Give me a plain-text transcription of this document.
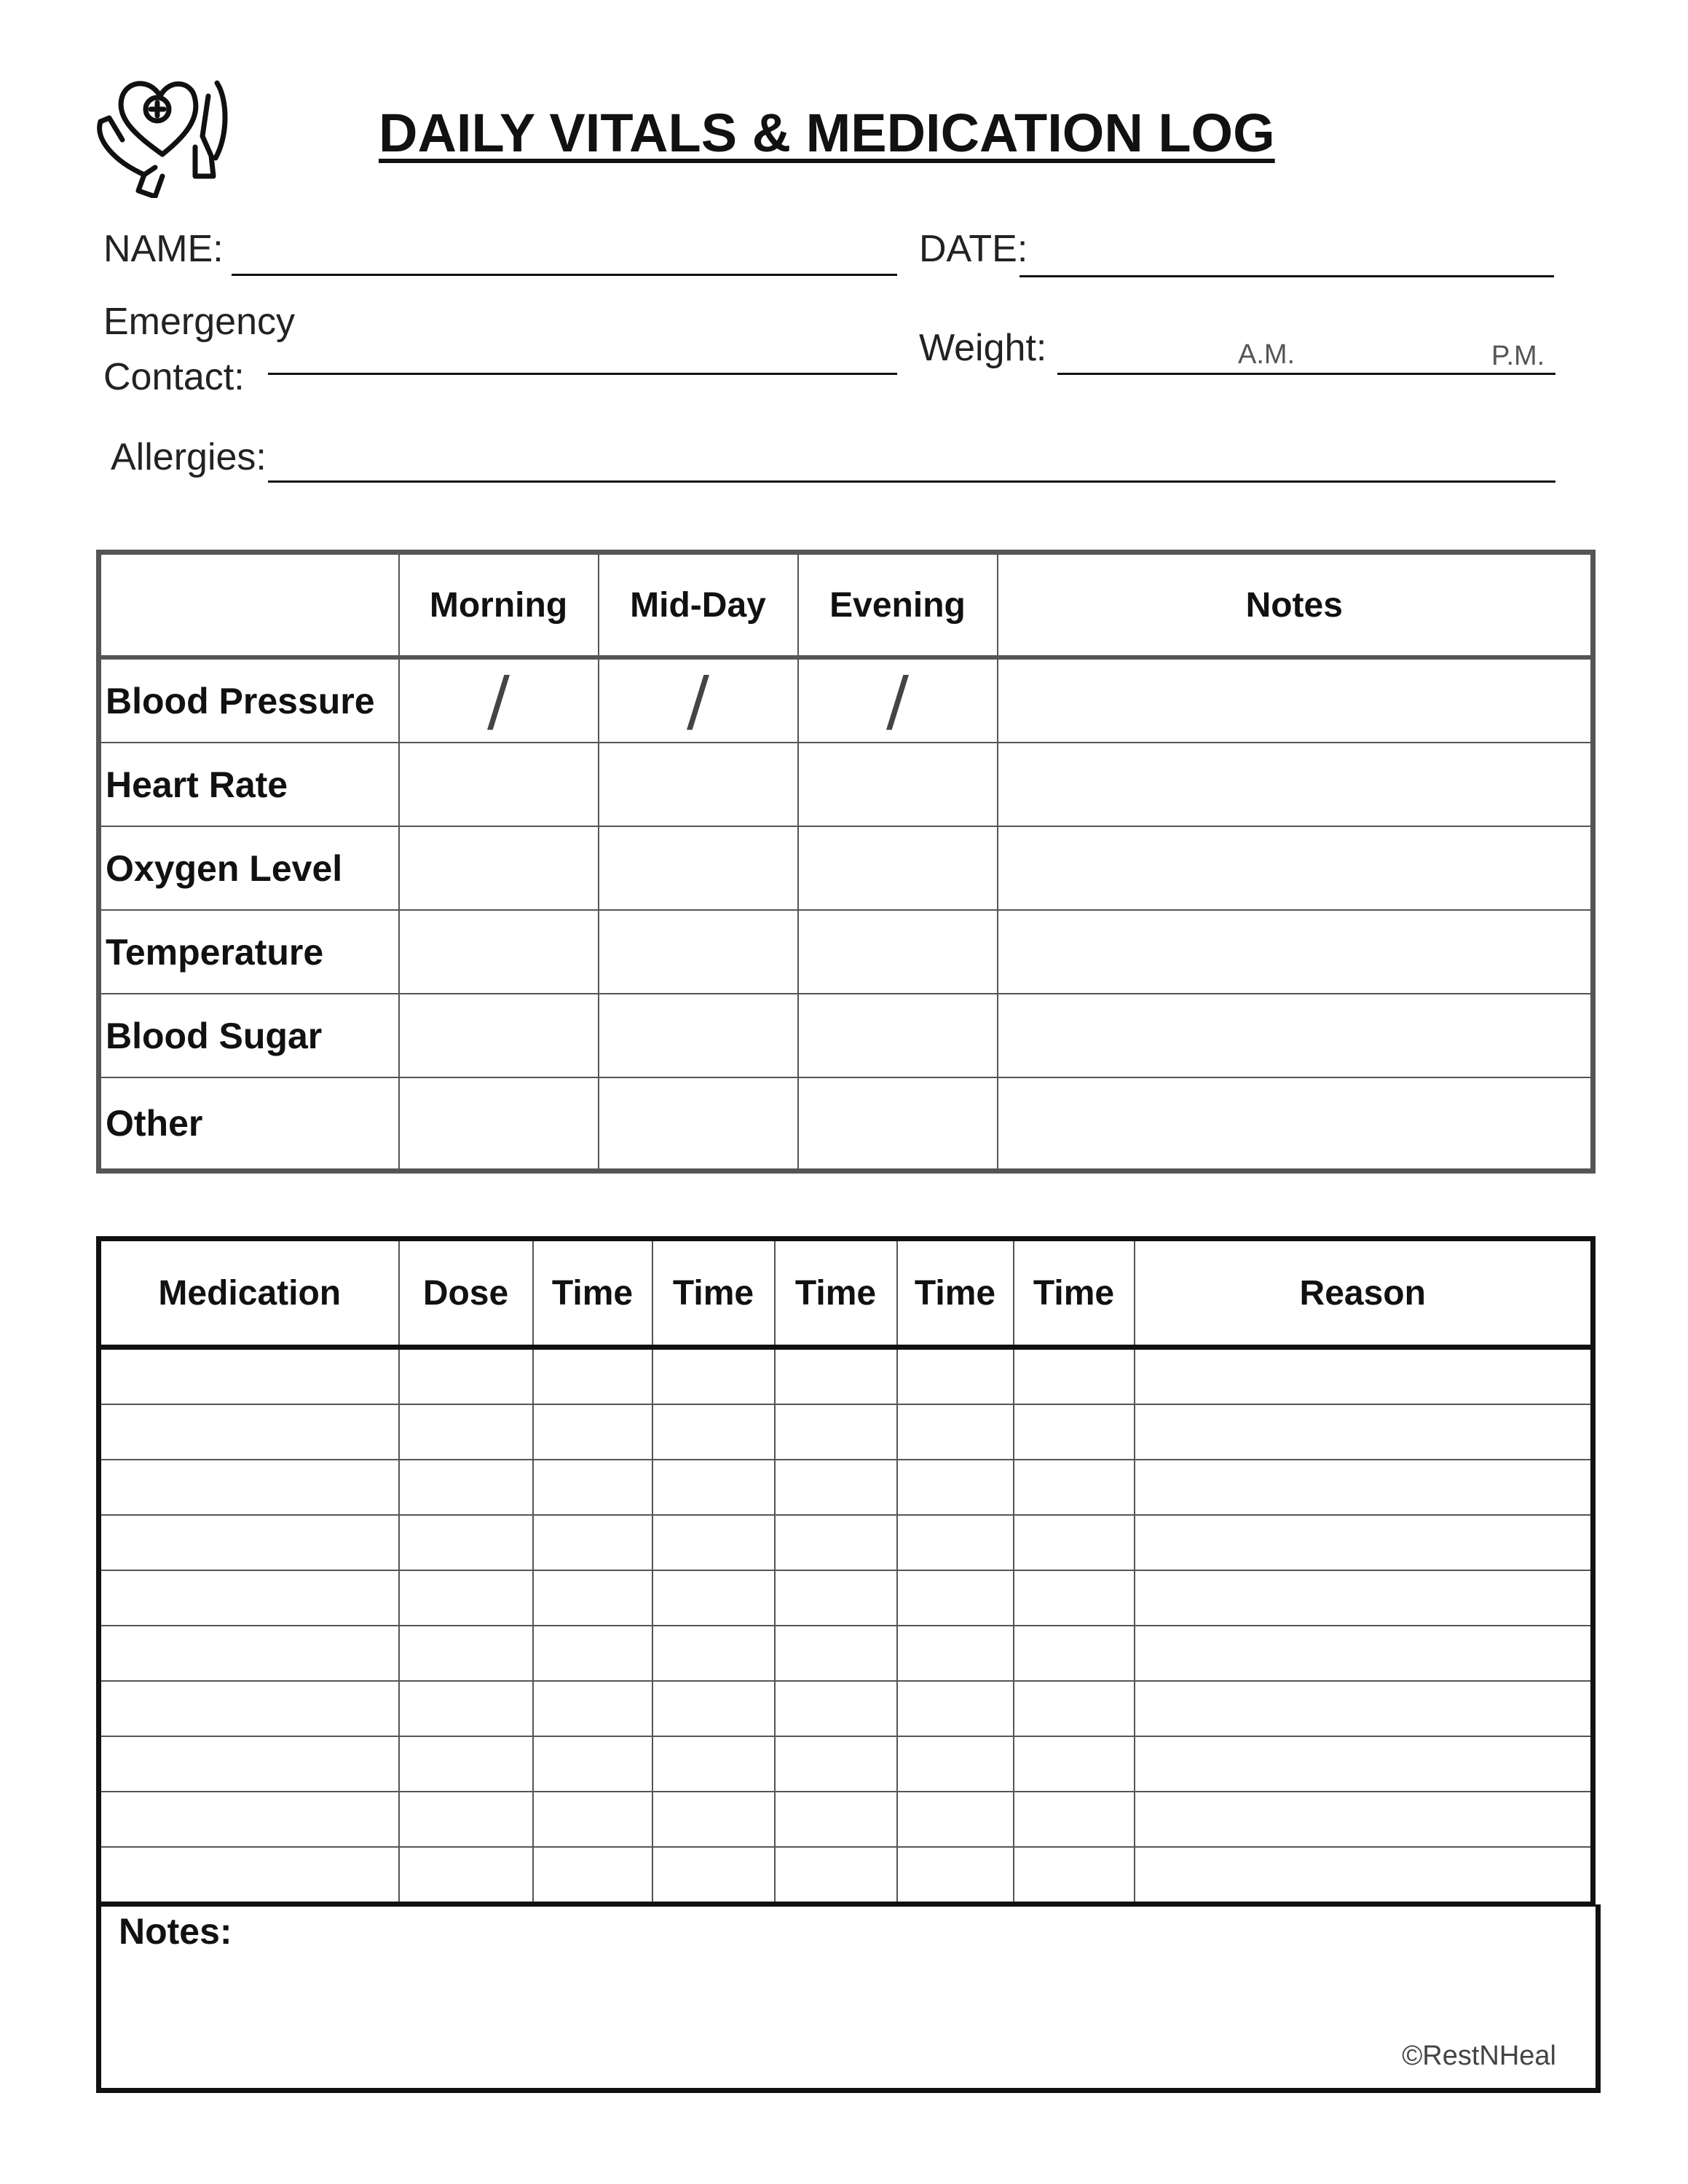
DAILY VITALS & MEDICATION LOG
NAME:	DATE:
Emergency
Contact:
Weight:	A.M.	P.M.
Allergies:
	Morning	Mid-Day	Evening	Notes
Blood Pressure	/	/	/	
Heart Rate				
Oxygen Level				
Temperature				
Blood Sugar				
Other				
Medication	Dose	Time	Time	Time	Time	Time	Reason

Notes:
©RestNHeal
